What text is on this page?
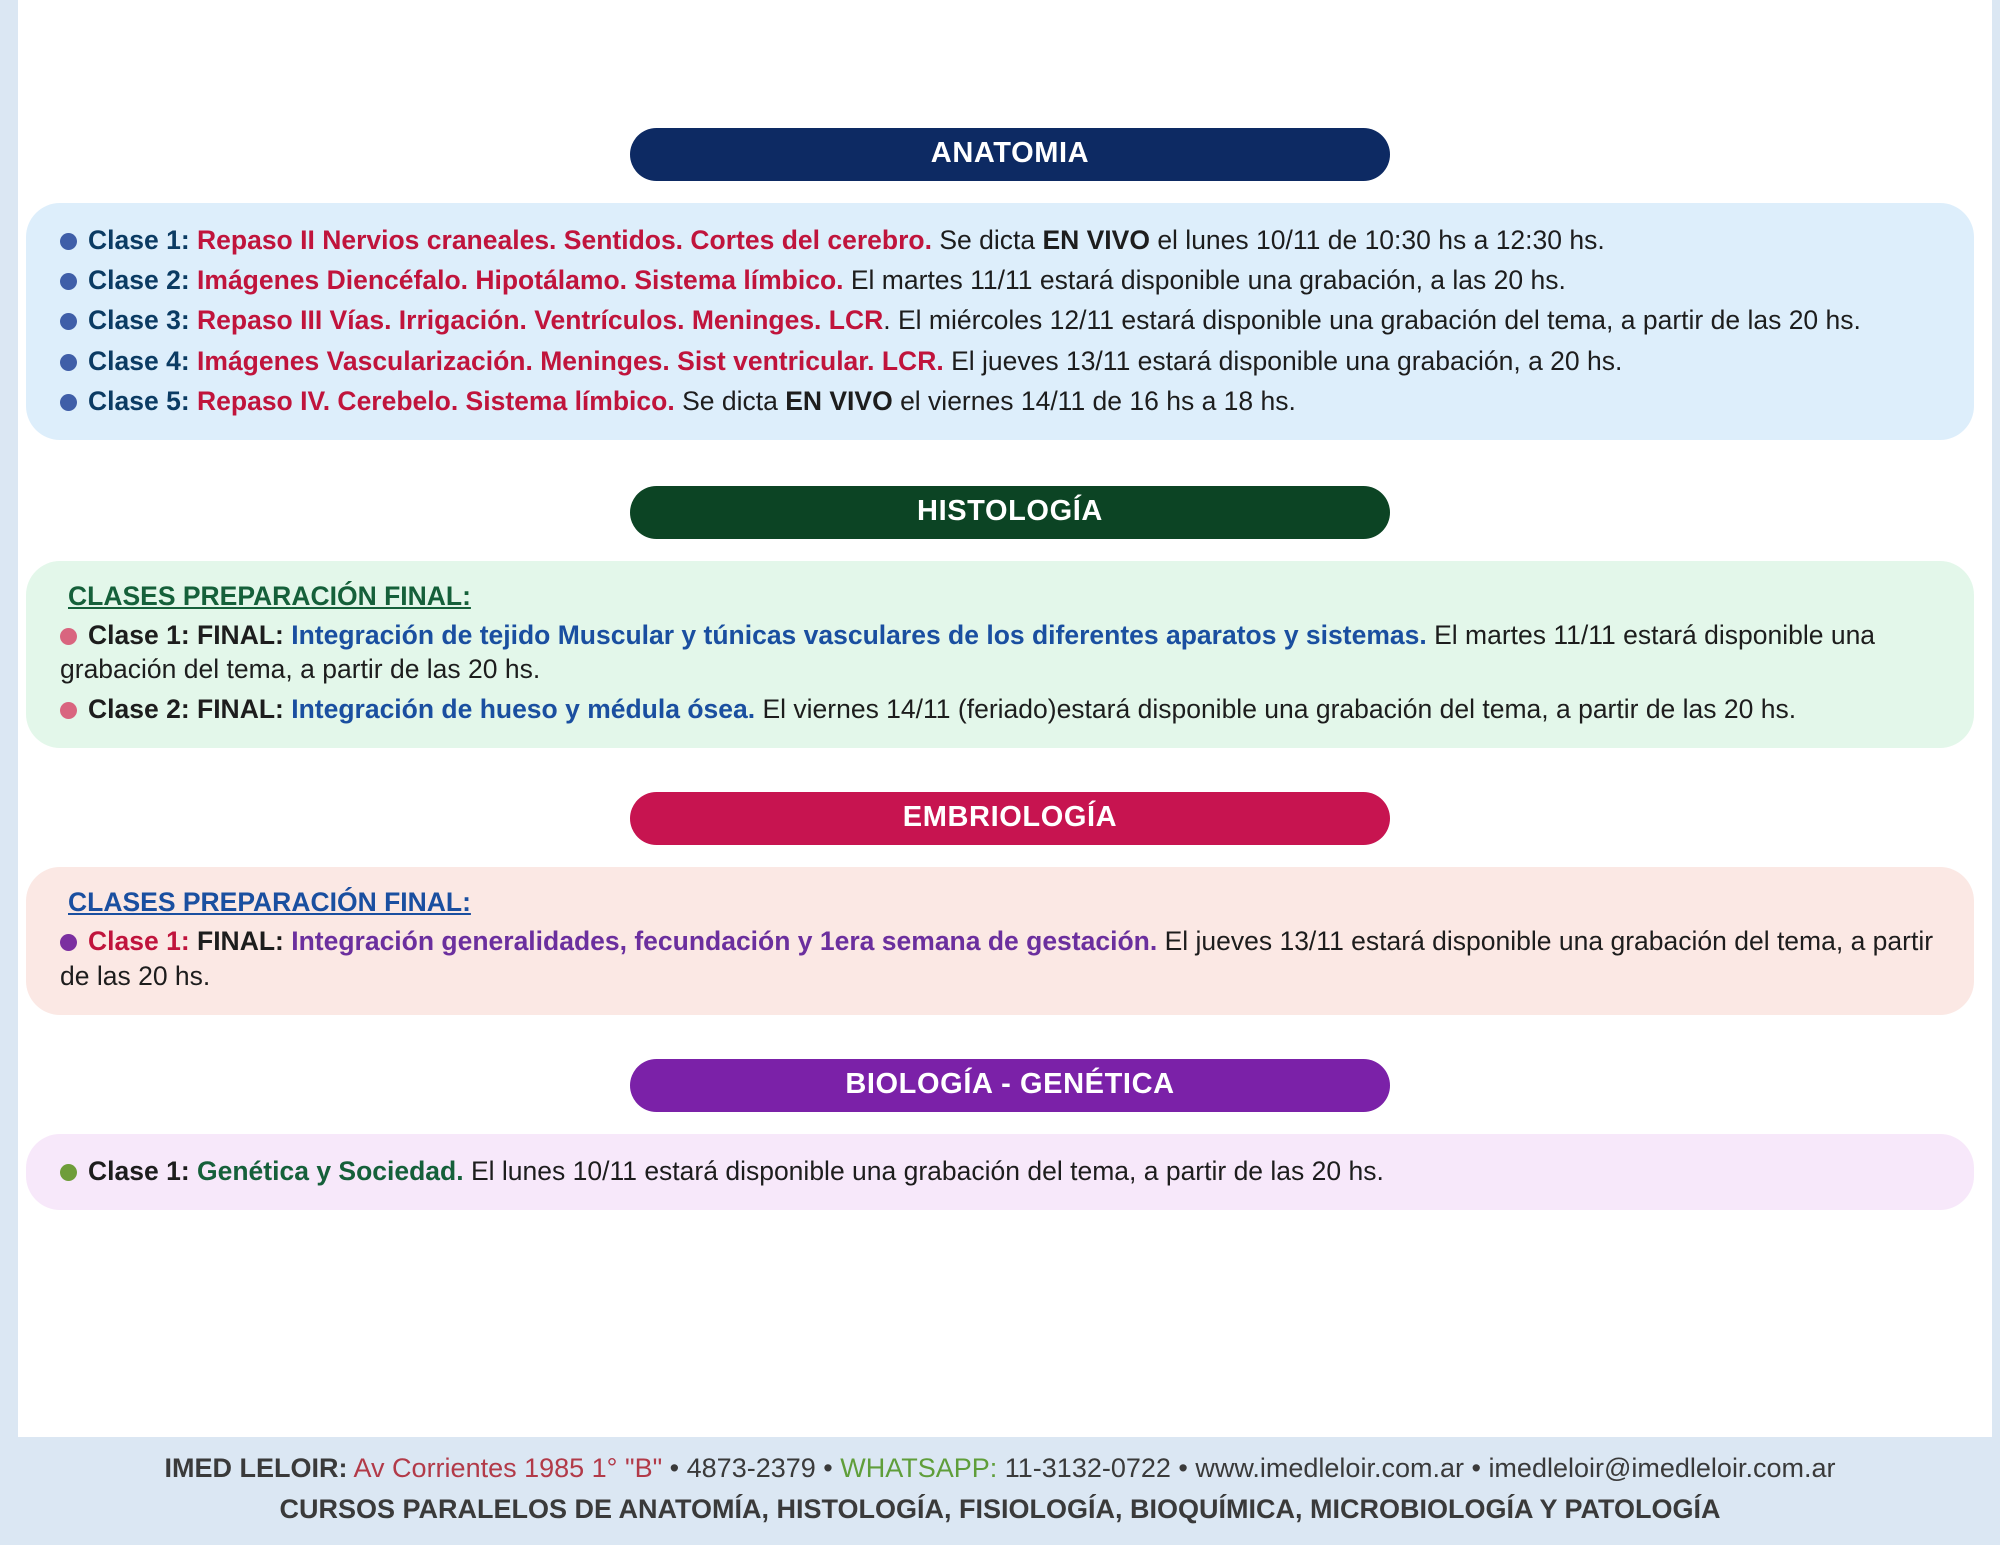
ANATOMIA

Clase 1: Repaso II Nervios craneales. Sentidos. Cortes del cerebro. Se dicta EN VIVO el lunes 10/11 de 10:30 hs a 12:30 hs.

Clase 2: Imágenes Diencéfalo. Hipotálamo. Sistema límbico. El martes 11/11 estará disponible una grabación, a las 20 hs.

Clase 3: Repaso III Vías. Irrigación. Ventrículos. Meninges. LCR. El miércoles 12/11 estará disponible una grabación del tema, a partir de las 20 hs.

Clase 4: Imágenes Vascularización. Meninges. Sist ventricular. LCR. El jueves 13/11 estará disponible una grabación, a 20 hs.

Clase 5: Repaso IV. Cerebelo. Sistema límbico. Se dicta EN VIVO el viernes 14/11 de 16 hs a 18 hs.

HISTOLOGÍA
CLASES PREPARACIÓN FINAL:

Clase 1: FINAL: Integración de tejido Muscular y túnicas vasculares de los diferentes aparatos y sistemas. El martes 11/11 estará disponible una grabación del tema, a partir de las 20 hs.

Clase 2: FINAL: Integración de hueso y médula ósea. El viernes 14/11 (feriado)estará disponible una grabación del tema, a partir de las 20 hs.

EMBRIOLOGÍA
CLASES PREPARACIÓN FINAL:

Clase 1: FINAL: Integración generalidades, fecundación y 1era semana de gestación. El jueves 13/11 estará disponible una grabación del tema, a partir de las 20 hs.

BIOLOGÍA - GENÉTICA

Clase 1: Genética y Sociedad. El lunes 10/11 estará disponible una grabación del tema, a partir de las 20 hs.

IMED LELOIR: Av Corrientes 1985 1° "B" • 4873-2379 • WHATSAPP: 11-3132-0722 • www.imedleloir.com.ar • imedleloir@imedleloir.com.ar
CURSOS PARALELOS DE ANATOMÍA, HISTOLOGÍA, FISIOLOGÍA, BIOQUÍMICA, MICROBIOLOGÍA Y PATOLOGÍA
